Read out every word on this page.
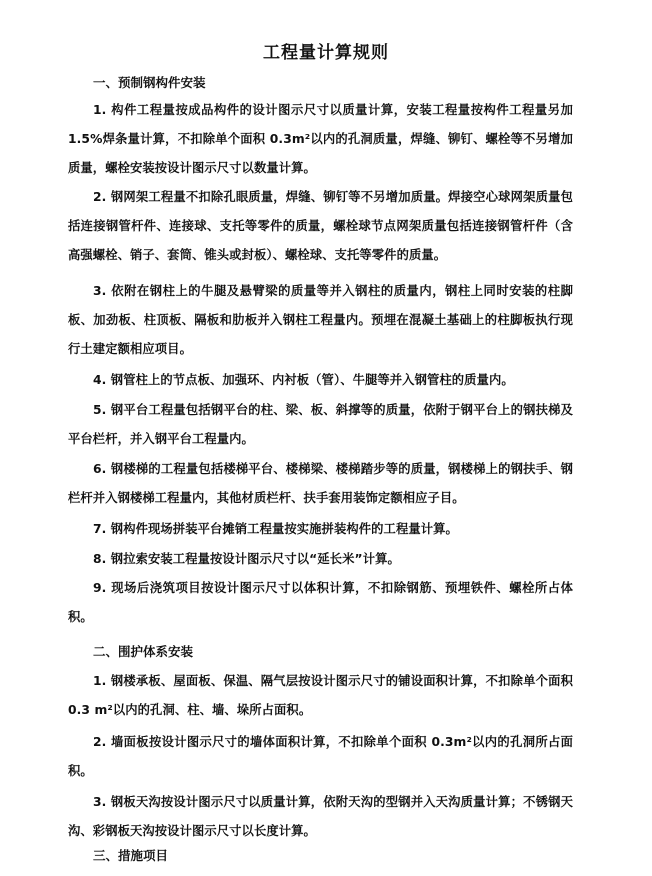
工程量计算规则
一、预制钢构件安装
1. 构件工程量按成品构件的设计图示尺寸以质量计算，安装工程量按构件工程量另加1.5%焊条量计算，不扣除单个面积 0.3m²以内的孔洞质量，焊缝、铆钉、螺栓等不另增加质量，螺栓安装按设计图示尺寸以数量计算。
2. 钢网架工程量不扣除孔眼质量，焊缝、铆钉等不另增加质量。焊接空心球网架质量包括连接钢管杆件、连接球、支托等零件的质量，螺栓球节点网架质量包括连接钢管杆件（含高强螺栓、销子、套筒、锥头或封板）、螺栓球、支托等零件的质量。
3. 依附在钢柱上的牛腿及悬臂梁的质量等并入钢柱的质量内，钢柱上同时安装的柱脚板、加劲板、柱顶板、隔板和肋板并入钢柱工程量内。预埋在混凝土基础上的柱脚板执行现行土建定额相应项目。
4. 钢管柱上的节点板、加强环、内衬板（管）、牛腿等并入钢管柱的质量内。
5. 钢平台工程量包括钢平台的柱、梁、板、斜撑等的质量，依附于钢平台上的钢扶梯及平台栏杆，并入钢平台工程量内。
6. 钢楼梯的工程量包括楼梯平台、楼梯梁、楼梯踏步等的质量，钢楼梯上的钢扶手、钢栏杆并入钢楼梯工程量内，其他材质栏杆、扶手套用装饰定额相应子目。
7. 钢构件现场拼装平台摊销工程量按实施拼装构件的工程量计算。
8. 钢拉索安装工程量按设计图示尺寸以“延长米”计算。
9. 现场后浇筑项目按设计图示尺寸以体积计算，不扣除钢筋、预埋铁件、螺栓所占体积。
二、围护体系安装
1. 钢楼承板、屋面板、保温、隔气层按设计图示尺寸的铺设面积计算，不扣除单个面积 0.3 m²以内的孔洞、柱、墙、垛所占面积。
2. 墙面板按设计图示尺寸的墙体面积计算，不扣除单个面积 0.3m²以内的孔洞所占面积。
3. 钢板天沟按设计图示尺寸以质量计算，依附天沟的型钢并入天沟质量计算；不锈钢天沟、彩钢板天沟按设计图示尺寸以长度计算。
三、措施项目
